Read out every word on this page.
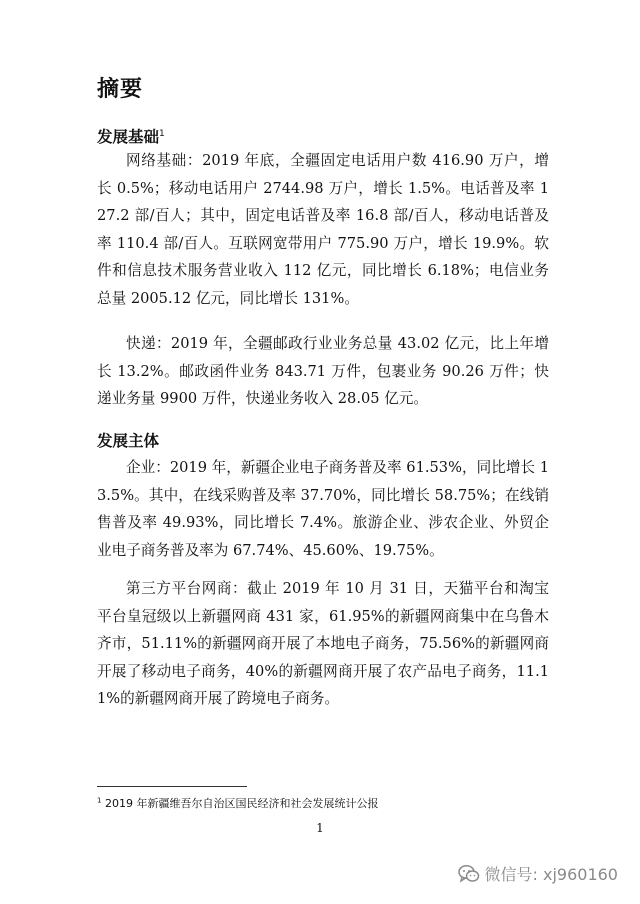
摘要
发展基础$^1$

网络基础：2019 年底，全疆固定电话用户数 416.90 万户，增长 0.5%；移动电话用户 2744.98 万户，增长 1.5%。电话普及率 127.2 部/百人；其中，固定电话普及率 16.8 部/百人，移动电话普及率 110.4 部/百人。互联网宽带用户 775.90 万户，增长 19.9%。软件和信息技术服务营业收入 112 亿元，同比增长 6.18%；电信业务总量 2005.12 亿元，同比增长 131%。

快递：2019 年，全疆邮政行业业务总量 43.02 亿元，比上年增长 13.2%。邮政函件业务 843.71 万件，包裹业务 90.26 万件；快递业务量 9900 万件，快递业务收入 28.05 亿元。

发展主体

企业：2019 年，新疆企业电子商务普及率 61.53%，同比增长 13.5%。其中，在线采购普及率 37.70%，同比增长 58.75%；在线销售普及率 49.93%，同比增长 7.4%。旅游企业、涉农企业、外贸企业电子商务普及率为 67.74%、45.60%、19.75%。

第三方平台网商：截止 2019 年 10 月 31 日，天猫平台和淘宝平台皇冠级以上新疆网商 431 家，61.95%的新疆网商集中在乌鲁木齐市，51.11%的新疆网商开展了本地电子商务，75.56%的新疆网商开展了移动电子商务，40%的新疆网商开展了农产品电子商务，11.11%的新疆网商开展了跨境电子商务。

$^1$ 2019 年新疆维吾尔自治区国民经济和社会发展统计公报

1
微信号: xj960160
